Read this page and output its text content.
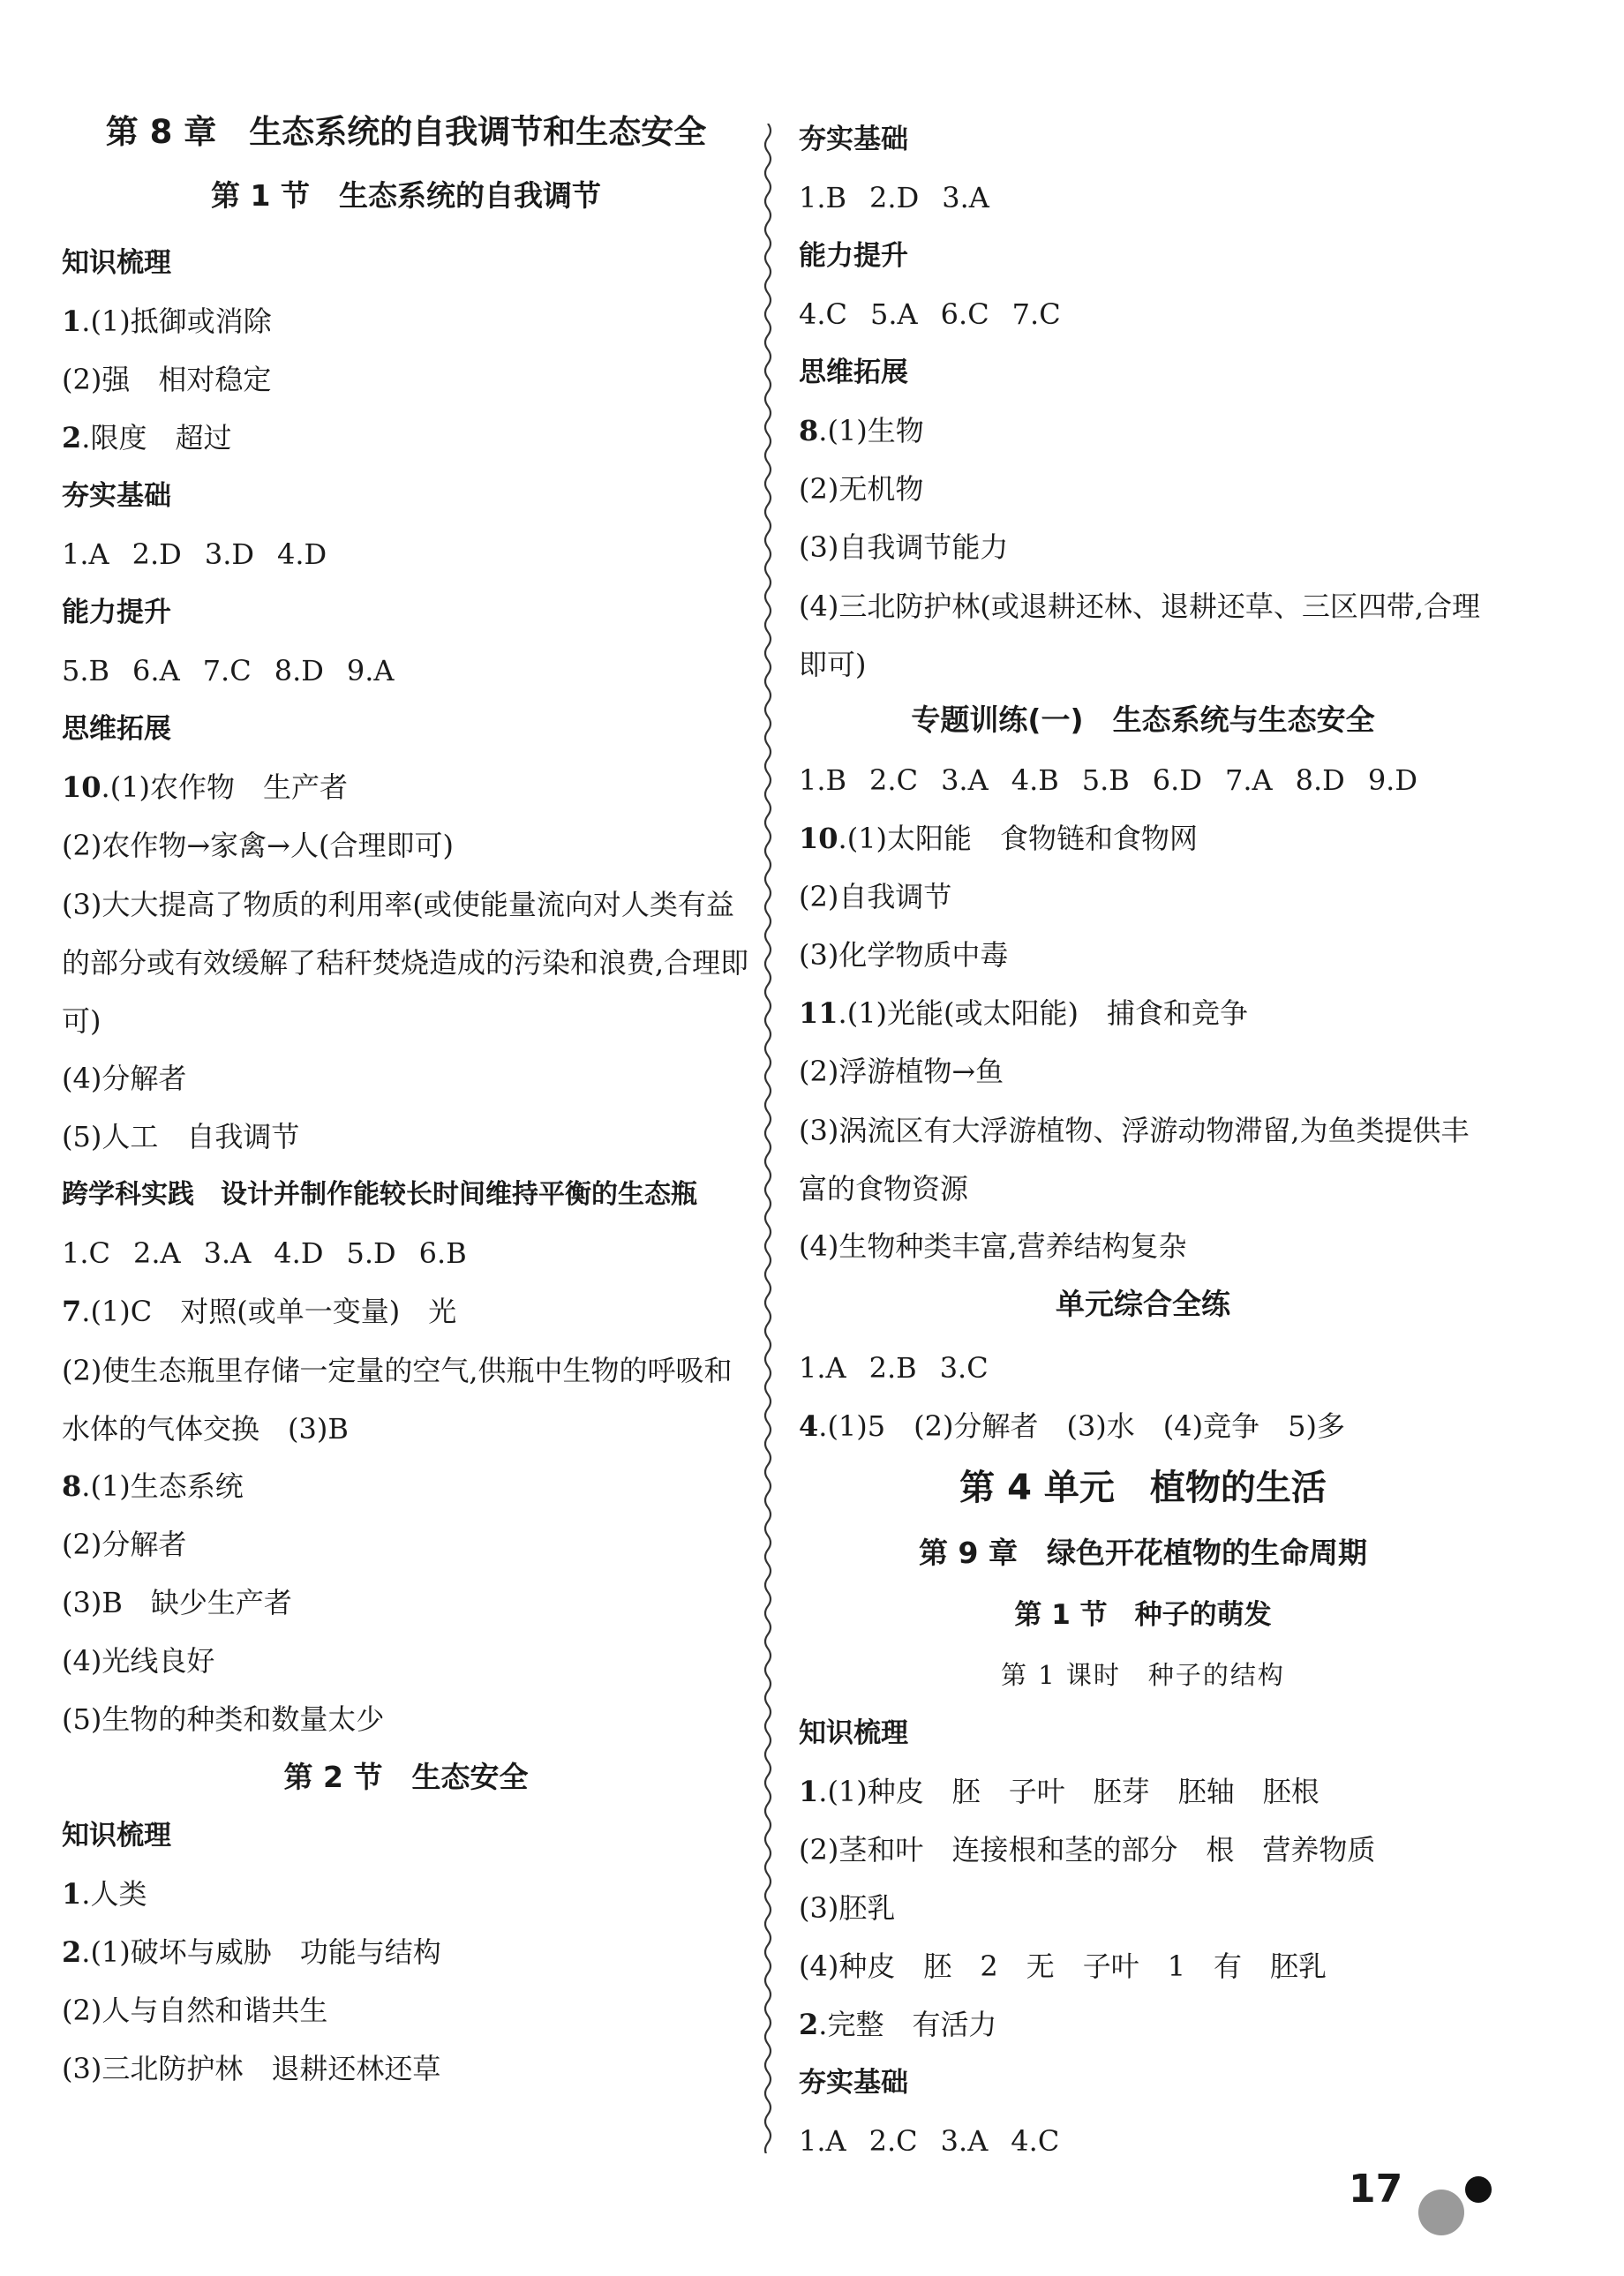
第 8 章　生态系统的自我调节和生态安全
第 1 节　生态系统的自我调节
知识梳理
1.(1)抵御或消除
(2)强　相对稳定
2.限度　超过
夯实基础
1.A 2.D 3.D 4.D
能力提升
5.B 6.A 7.C 8.D 9.A
思维拓展
10.(1)农作物　生产者
(2)农作物→家禽→人(合理即可)
(3)大大提高了物质的利用率(或使能量流向对人类有益的部分或有效缓解了秸秆焚烧造成的污染和浪费,合理即可)
(4)分解者
(5)人工　自我调节
跨学科实践　设计并制作能较长时间维持平衡的生态瓶
1.C 2.A 3.A 4.D 5.D 6.B
7.(1)C　对照(或单一变量)　光
(2)使生态瓶里存储一定量的空气,供瓶中生物的呼吸和水体的气体交换　(3)B
8.(1)生态系统
(2)分解者
(3)B　缺少生产者
(4)光线良好
(5)生物的种类和数量太少
第 2 节　生态安全
知识梳理
1.人类
2.(1)破坏与威胁　功能与结构
(2)人与自然和谐共生
(3)三北防护林　退耕还林还草
夯实基础
1.B 2.D 3.A
能力提升
4.C 5.A 6.C 7.C
思维拓展
8.(1)生物
(2)无机物
(3)自我调节能力
(4)三北防护林(或退耕还林、退耕还草、三区四带,合理即可)
专题训练(一)　生态系统与生态安全
1.B 2.C 3.A 4.B 5.B 6.D 7.A 8.D 9.D
10.(1)太阳能　食物链和食物网
(2)自我调节
(3)化学物质中毒
11.(1)光能(或太阳能)　捕食和竞争
(2)浮游植物→鱼
(3)涡流区有大浮游植物、浮游动物滞留,为鱼类提供丰富的食物资源
(4)生物种类丰富,营养结构复杂
单元综合全练
1.A 2.B 3.C
4.(1)5　(2)分解者　(3)水　(4)竞争　5)多
第 4 单元　植物的生活
第 9 章　绿色开花植物的生命周期
第 1 节　种子的萌发
第 1 课时　种子的结构
知识梳理
1.(1)种皮　胚　子叶　胚芽　胚轴　胚根
(2)茎和叶　连接根和茎的部分　根　营养物质
(3)胚乳
(4)种皮　胚　2　无　子叶　1　有　胚乳
2.完整　有活力
夯实基础
1.A 2.C 3.A 4.C
17
